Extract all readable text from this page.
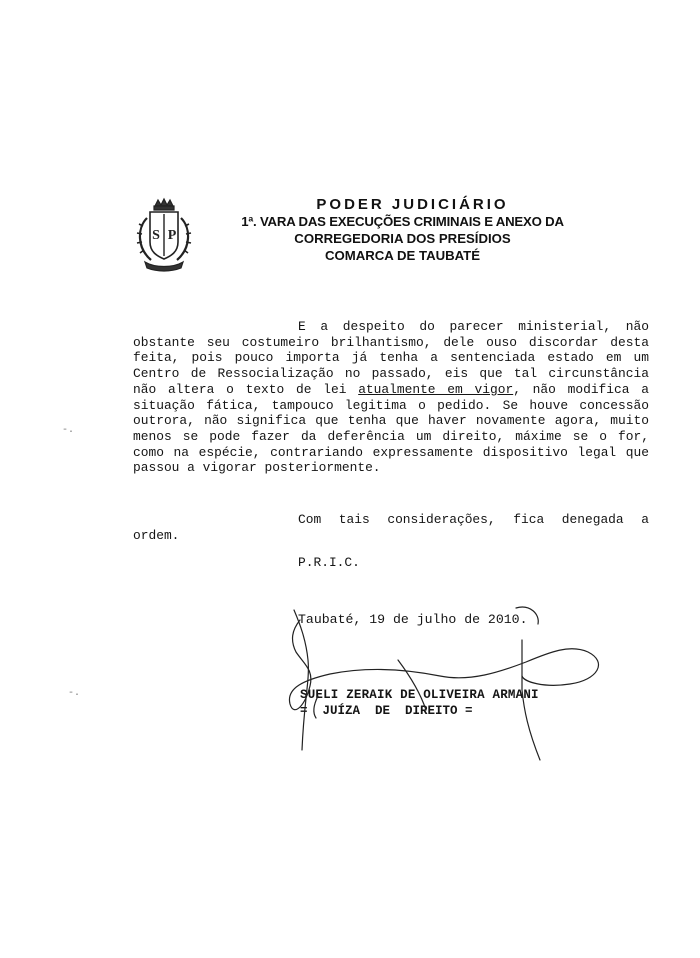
S P
PODER JUDICIÁRIO
1ª. VARA DAS EXECUÇÕES CRIMINAIS E ANEXO DA
CORREGEDORIA DOS PRESÍDIOS
COMARCA DE TAUBATÉ

E a despeito do parecer ministerial, não obstante seu costumeiro brilhantismo, dele ouso discordar desta feita, pois pouco importa já tenha a sentenciada estado em um Centro de Ressocialização no passado, eis que tal circunstância não altera o texto de lei atualmente em vigor, não modifica a situação fática, tampouco legitima o pedido. Se houve concessão outrora, não significa que tenha que haver novamente agora, muito menos se pode fazer da deferência um direito, máxime se o for, como na espécie, contrariando expressamente dispositivo legal que passou a vigorar posteriormente.

Com tais considerações, fica denegada a ordem.

P.R.I.C.
Taubaté, 19 de julho de 2010.
SUELI ZERAIK DE OLIVEIRA ARMANI
=  JUÍZA  DE  DIREITO =
-.
-.
